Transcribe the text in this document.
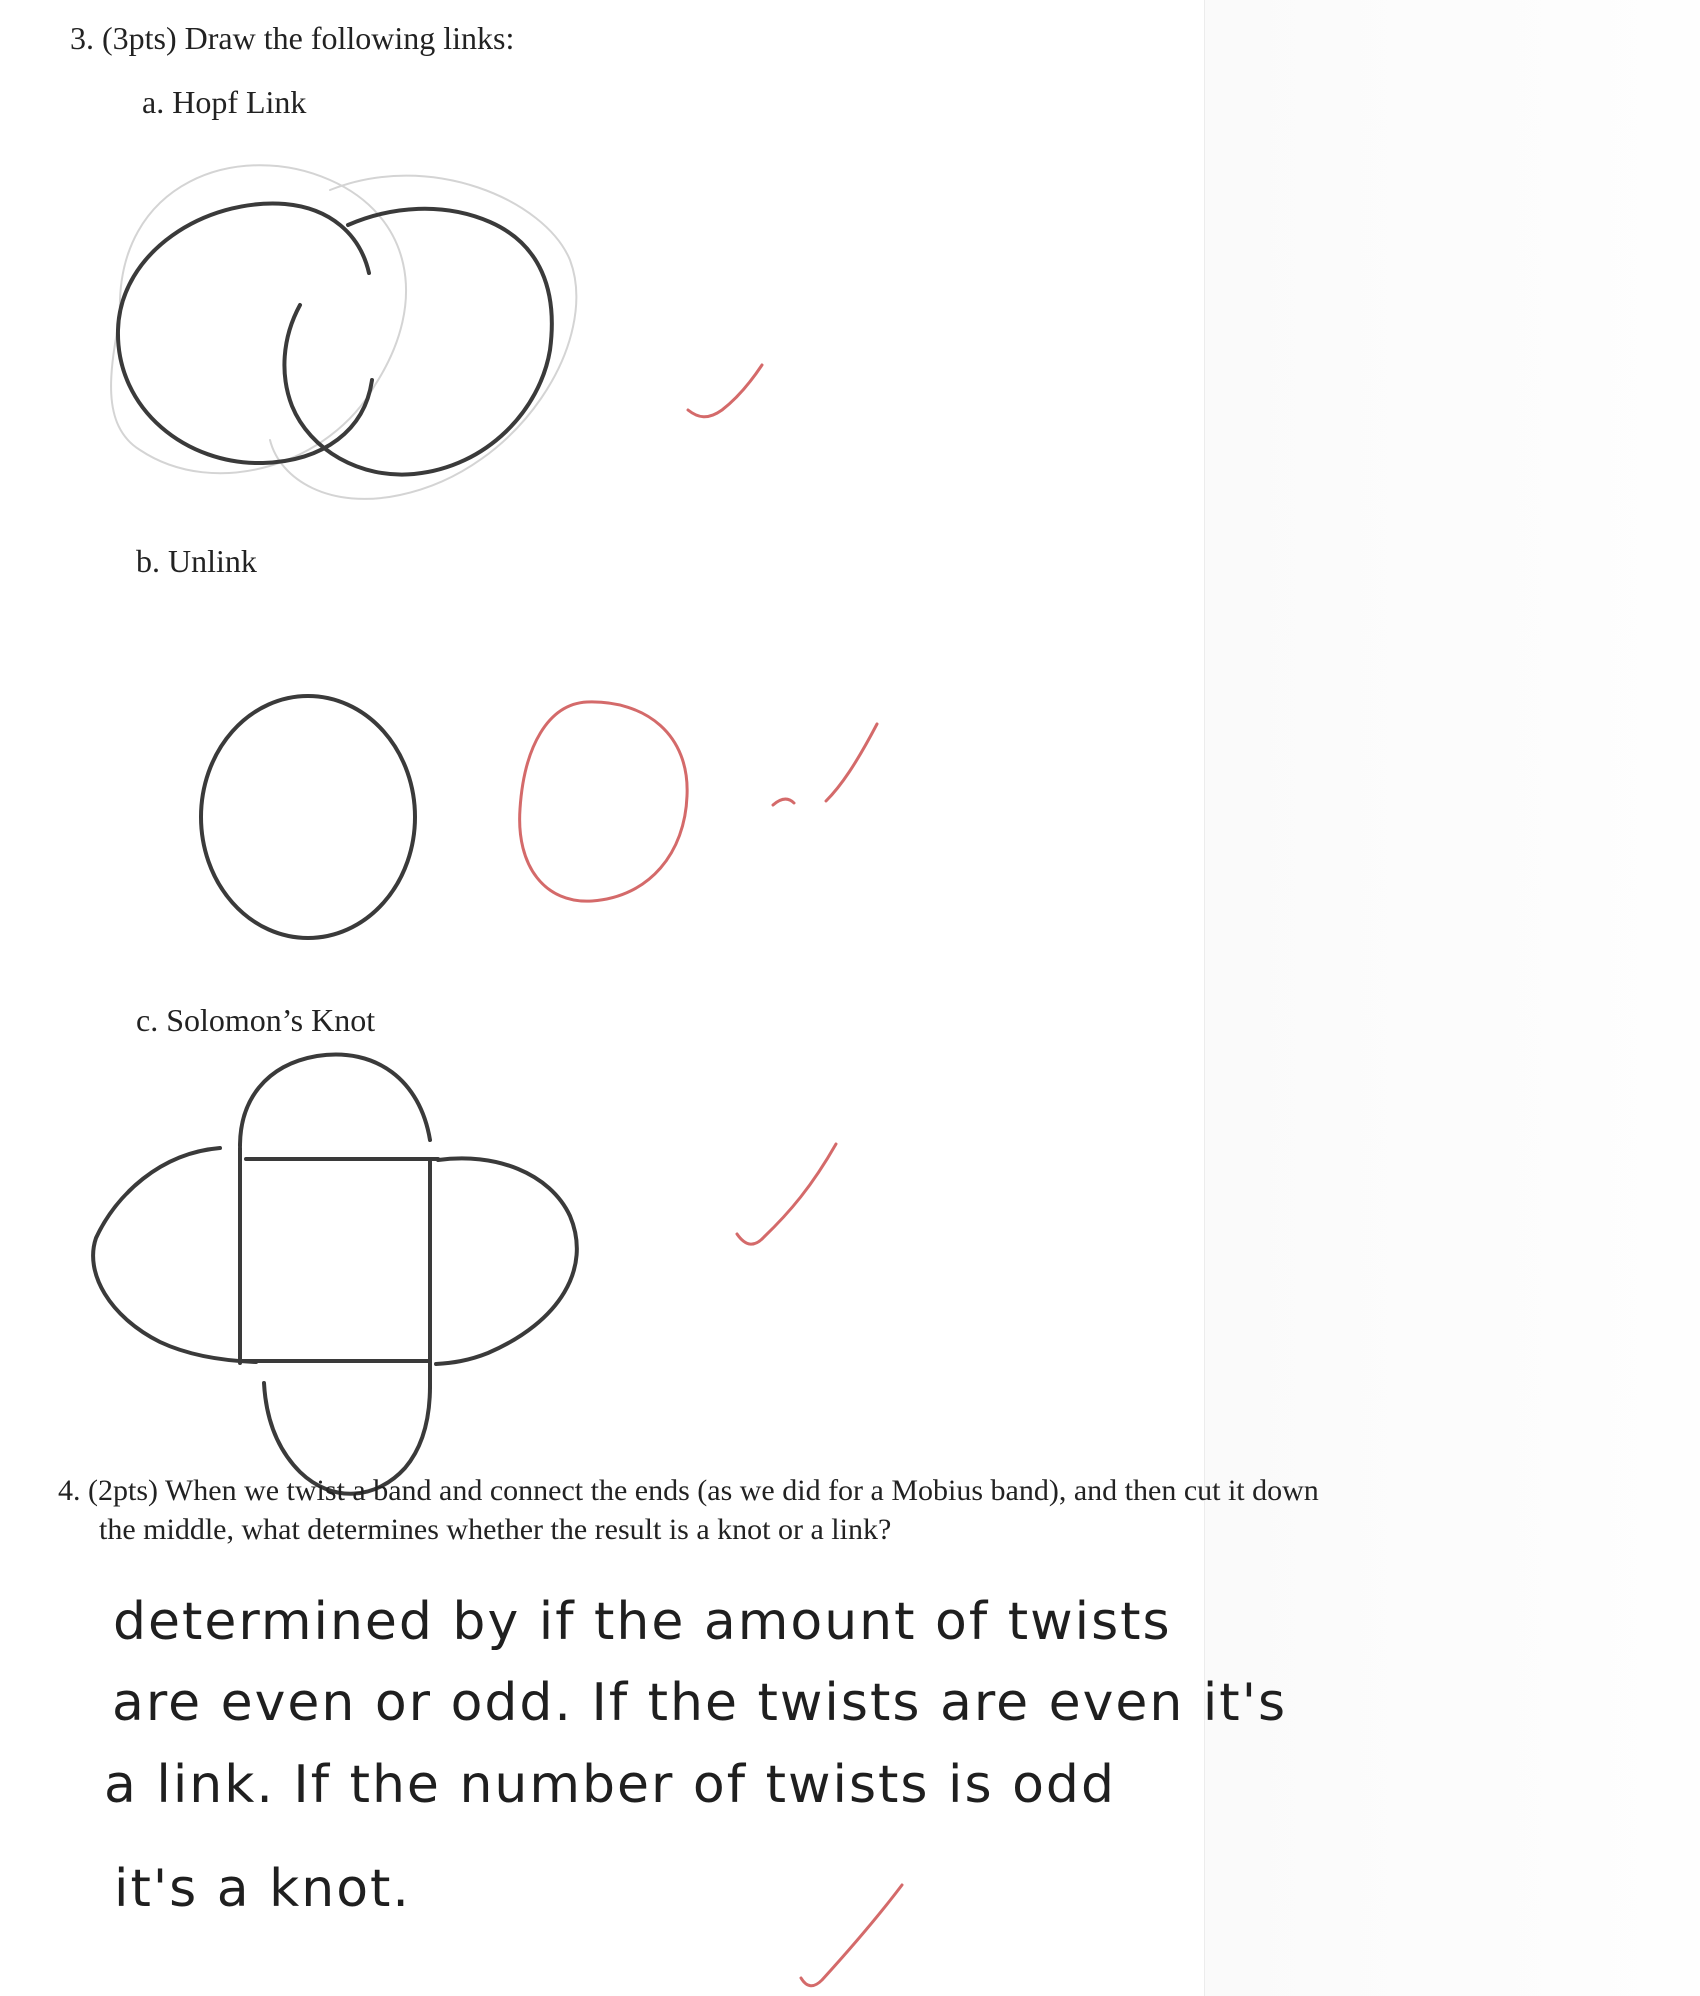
3. (3pts) Draw the following links:
a. Hopf Link
b. Unlink
c. Solomon’s Knot
4. (2pts) When we twist a band and connect the ends (as we did for a Mobius band), and then cut it down
the middle, what determines whether the result is a knot or a link?
determined by if the amount of twists
are even or odd. If the twists are even it's
a link. If the number of twists is odd
it's a knot.
